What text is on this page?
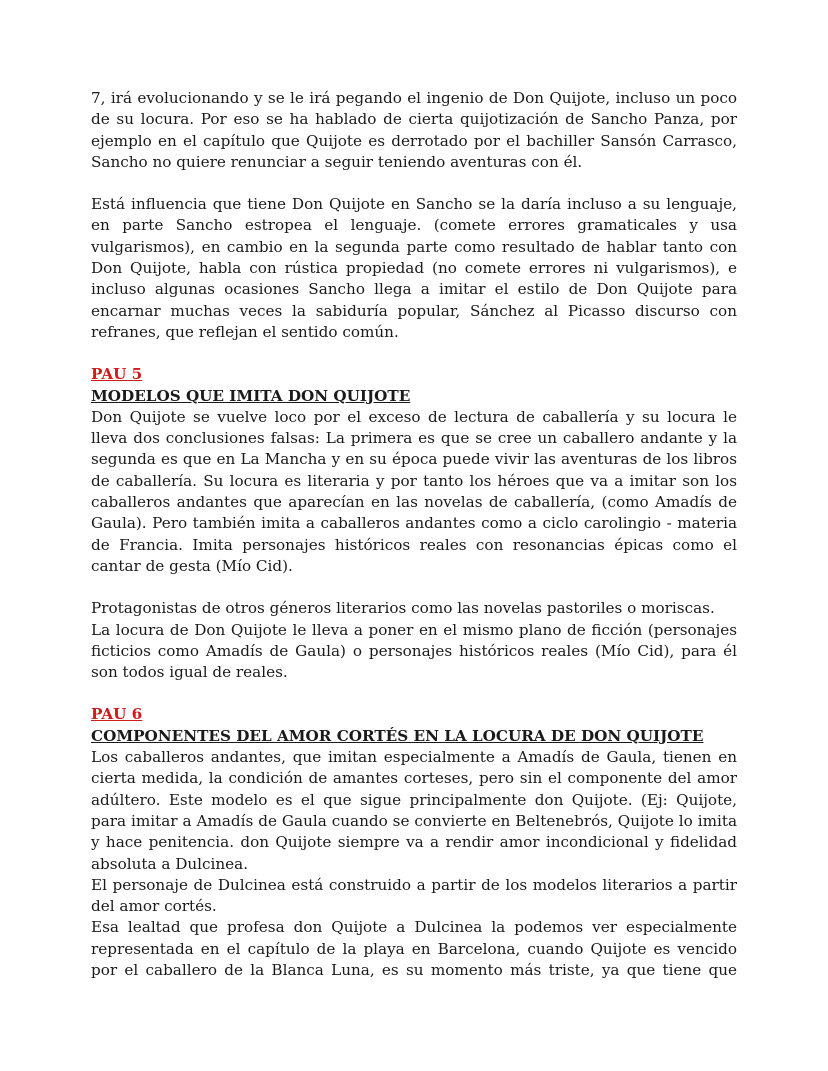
7, irá evolucionando y se le irá pegando el ingenio de Don Quijote, incluso un poco de su locura. Por eso se ha hablado de cierta quijotización de Sancho Panza, por ejemplo en el capítulo que Quijote es derrotado por el bachiller Sansón Carrasco, Sancho no quiere renunciar a seguir teniendo aventuras con él.

Está influencia que tiene Don Quijote en Sancho se la daría incluso a su lenguaje, en parte Sancho estropea el lenguaje. (comete errores gramaticales y usa vulgarismos), en cambio en la segunda parte como resultado de hablar tanto con Don Quijote, habla con rústica propiedad (no comete errores ni vulgarismos), e incluso algunas ocasiones Sancho llega a imitar el estilo de Don Quijote para encarnar muchas veces la sabiduría popular, Sánchez al Picasso discurso con refranes, que reflejan el sentido común.

PAU 5

MODELOS QUE IMITA DON QUIJOTE

Don Quijote se vuelve loco por el exceso de lectura de caballería y su locura le lleva dos conclusiones falsas: La primera es que se cree un caballero andante y la segunda es que en La Mancha y en su época puede vivir las aventuras de los libros de caballería. Su locura es literaria y por tanto los héroes que va a imitar son los caballeros andantes que aparecían en las novelas de caballería, (como Amadís de Gaula). Pero también imita a caballeros andantes como a ciclo carolingio - materia de Francia. Imita personajes históricos reales con resonancias épicas como el cantar de gesta (Mío Cid).

Protagonistas de otros géneros literarios como las novelas pastoriles o moriscas.

La locura de Don Quijote le lleva a poner en el mismo plano de ficción (personajes ficticios como Amadís de Gaula) o personajes históricos reales (Mío Cid), para él son todos igual de reales.

PAU 6

COMPONENTES DEL AMOR CORTÉS EN LA LOCURA DE DON QUIJOTE

Los caballeros andantes, que imitan especialmente a Amadís de Gaula, tienen en cierta medida, la condición de amantes corteses, pero sin el componente del amor adúltero. Este modelo es el que sigue principalmente don Quijote. (Ej: Quijote, para imitar a Amadís de Gaula cuando se convierte en Beltenebrós, Quijote lo imita y hace penitencia. don Quijote siempre va a rendir amor incondicional y fidelidad absoluta a Dulcinea.

El personaje de Dulcinea está construido a partir de los modelos literarios a partir del amor cortés.

Esa lealtad que profesa don Quijote a Dulcinea la podemos ver especialmente representada en el capítulo de la playa en Barcelona, cuando Quijote es vencido por el caballero de la Blanca Luna, es su momento más triste, ya que tiene que
